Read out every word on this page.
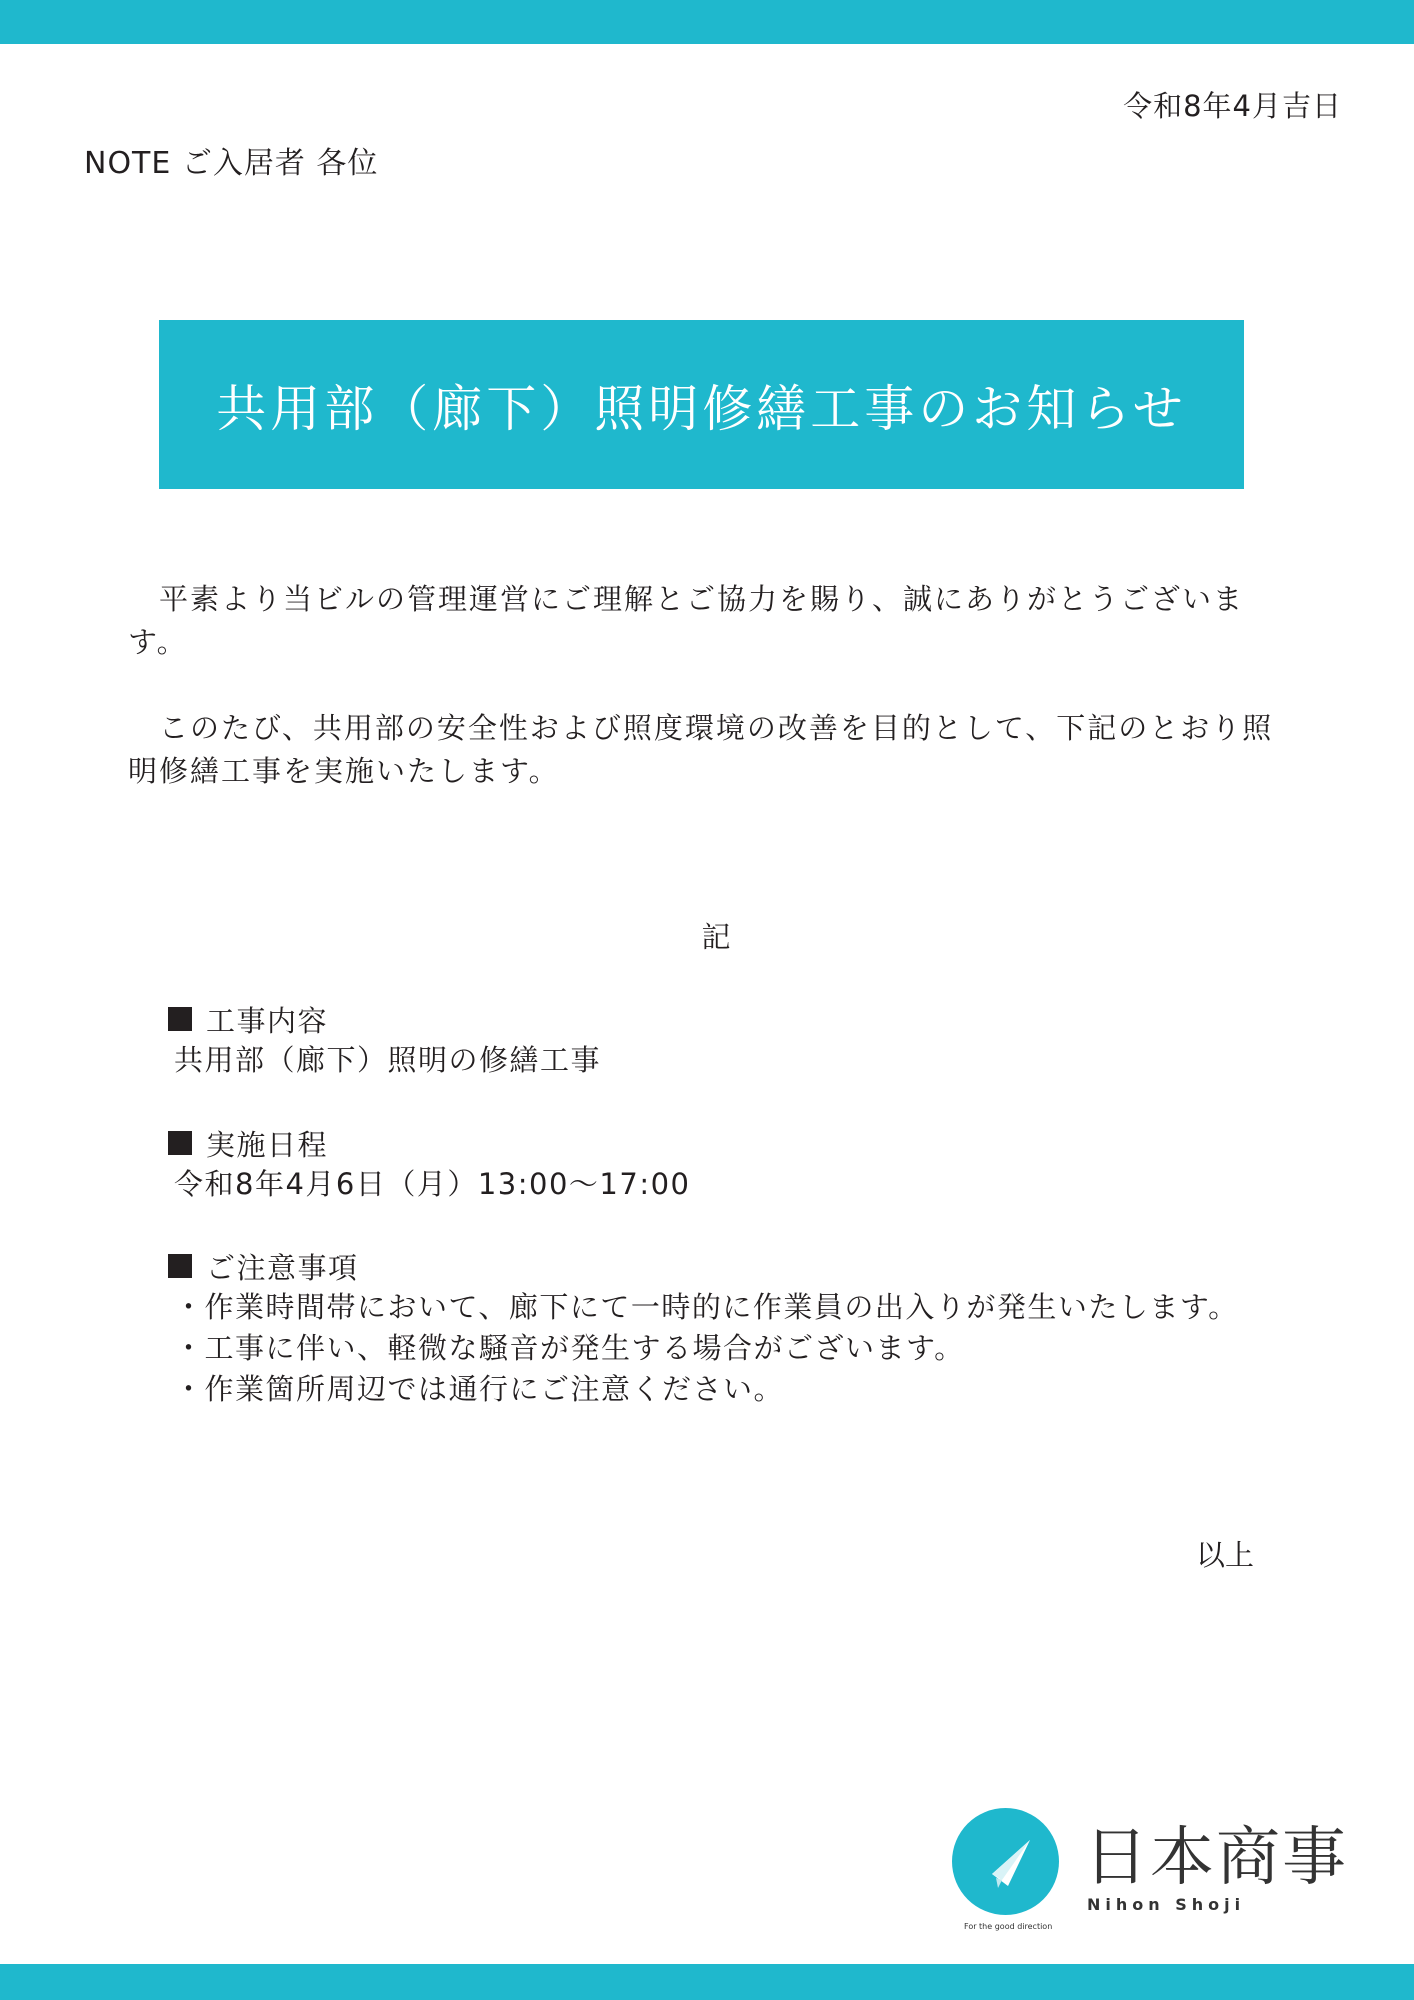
令和8年4月吉日
NOTE ご入居者 各位
共用部（廊下）照明修繕工事のお知らせ
　平素より当ビルの管理運営にご理解とご協力を賜り、誠にありがとうございます。
　このたび、共用部の安全性および照度環境の改善を目的として、下記のとおり照明修繕工事を実施いたします。
記
工事内容
共用部（廊下）照明の修繕工事
実施日程
令和8年4月6日（月）13:00〜17:00
ご注意事項
・作業時間帯において、廊下にて一時的に作業員の出入りが発生いたします。
・工事に伴い、軽微な騒音が発生する場合がございます。
・作業箇所周辺では通行にご注意ください。
以上
For the good direction
日本商事
Nihon Shoji
